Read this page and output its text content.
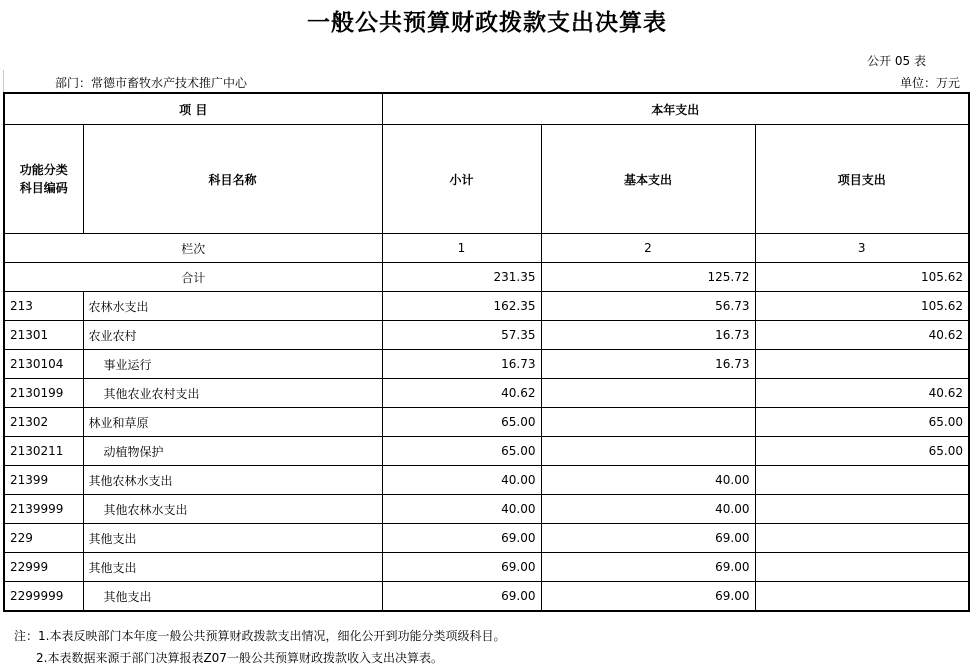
一般公共预算财政拨款支出决算表
公开 05 表
部门：常德市畜牧水产技术推广中心	单位：万元
项 目		本年支出		
功能分类
科目编码	科目名称	小计	基本支出	项目支出
栏次		1	2	3
合计		231.35	125.72	105.62
213	农林水支出	162.35	56.73	105.62
21301	农业农村	57.35	16.73	40.62
2130104	事业运行	16.73	16.73	
2130199	其他农业农村支出	40.62		40.62
21302	林业和草原	65.00		65.00
2130211	动植物保护	65.00		65.00
21399	其他农林水支出	40.00	40.00	
2139999	其他农林水支出	40.00	40.00	
229	其他支出	69.00	69.00	
22999	其他支出	69.00	69.00	
2299999	其他支出	69.00	69.00	
注：1.本表反映部门本年度一般公共预算财政拨款支出情况，细化公开到功能分类项级科目。
2.本表数据来源于部门决算报表Z07一般公共预算财政拨款收入支出决算表。
